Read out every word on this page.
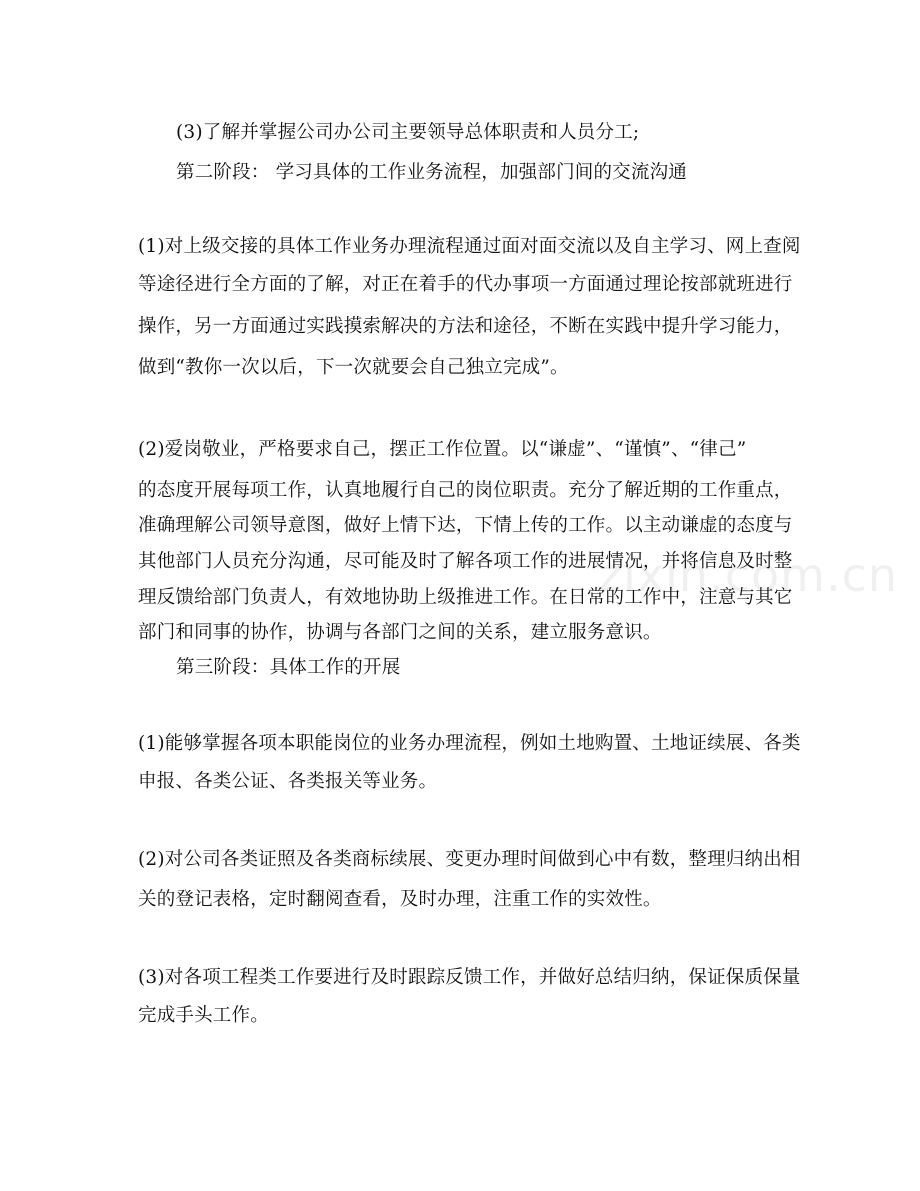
zixin.com.cn
(3)了解并掌握公司办公司主要领导总体职责和人员分工;
第二阶段： 学习具体的工作业务流程，加强部门间的交流沟通
(1)对上级交接的具体工作业务办理流程通过面对面交流以及自主学习、网上查阅
等途径进行全方面的了解，对正在着手的代办事项一方面通过理论按部就班进行
操作，另一方面通过实践摸索解决的方法和途径，不断在实践中提升学习能力，
做到“教你一次以后，下一次就要会自己独立完成”。
(2)爱岗敬业，严格要求自己，摆正工作位置。以“谦虚”、“谨慎”、“律己”
的态度开展每项工作，认真地履行自己的岗位职责。充分了解近期的工作重点，
准确理解公司领导意图，做好上情下达，下情上传的工作。以主动谦虚的态度与
其他部门人员充分沟通，尽可能及时了解各项工作的进展情况，并将信息及时整
理反馈给部门负责人，有效地协助上级推进工作。在日常的工作中，注意与其它
部门和同事的协作，协调与各部门之间的关系，建立服务意识。
第三阶段：具体工作的开展
(1)能够掌握各项本职能岗位的业务办理流程，例如土地购置、土地证续展、各类
申报、各类公证、各类报关等业务。
(2)对公司各类证照及各类商标续展、变更办理时间做到心中有数，整理归纳出相
关的登记表格，定时翻阅查看，及时办理，注重工作的实效性。
(3)对各项工程类工作要进行及时跟踪反馈工作，并做好总结归纳，保证保质保量
完成手头工作。
